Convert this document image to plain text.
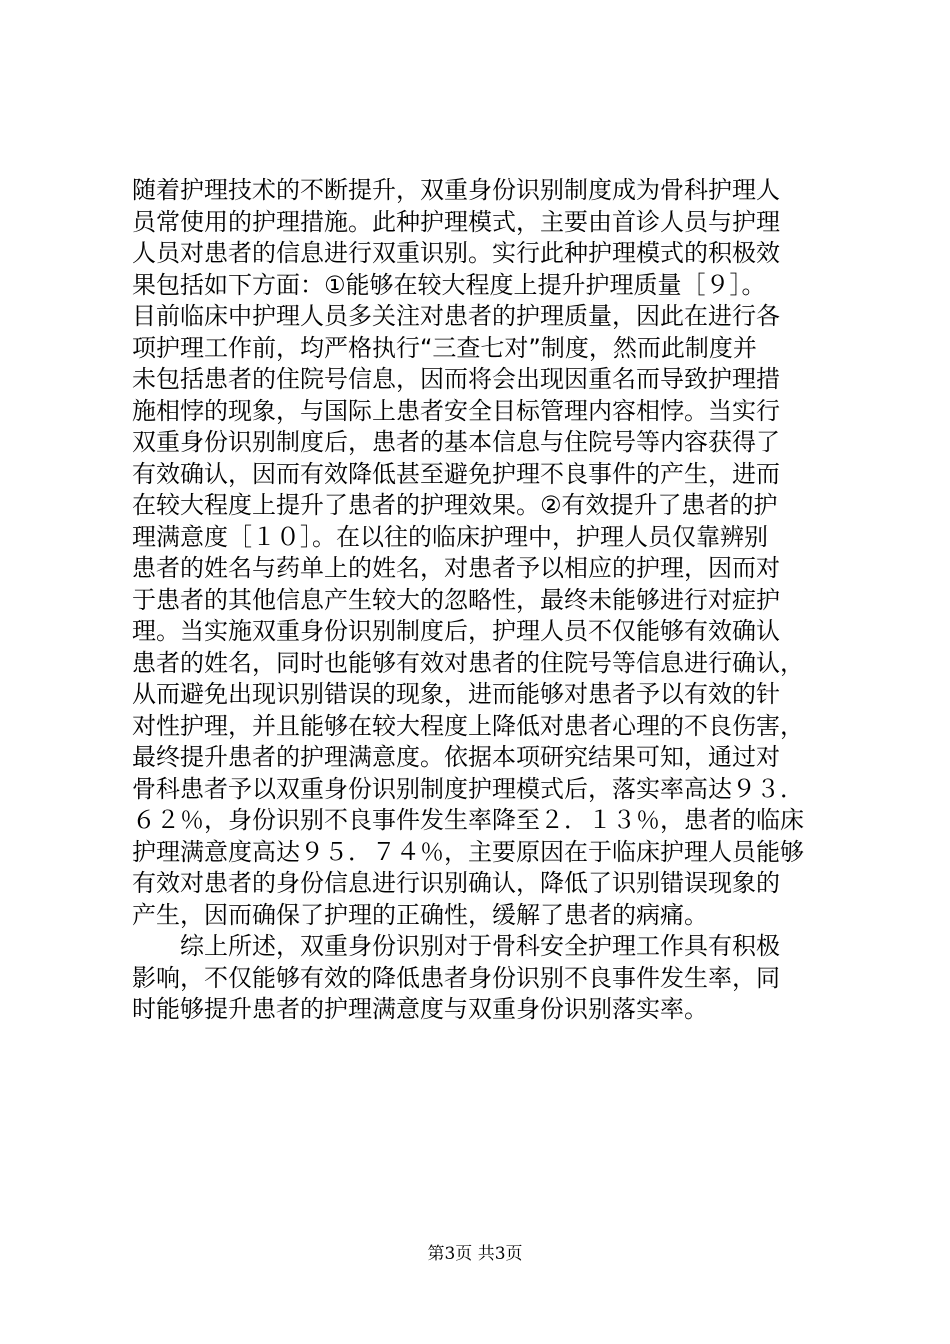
随着护理技术的不断提升，双重身份识别制度成为骨科护理人
员常使用的护理措施。此种护理模式，主要由首诊人员与护理
人员对患者的信息进行双重识别。实行此种护理模式的积极效
果包括如下方面：①能够在较大程度上提升护理质量［９］。
目前临床中护理人员多关注对患者的护理质量，因此在进行各
项护理工作前，均严格执行“三查七对”制度，然而此制度并
未包括患者的住院号信息，因而将会出现因重名而导致护理措
施相悖的现象，与国际上患者安全目标管理内容相悖。当实行
双重身份识别制度后，患者的基本信息与住院号等内容获得了
有效确认，因而有效降低甚至避免护理不良事件的产生，进而
在较大程度上提升了患者的护理效果。②有效提升了患者的护
理满意度［１０］。在以往的临床护理中，护理人员仅靠辨别
患者的姓名与药单上的姓名，对患者予以相应的护理，因而对
于患者的其他信息产生较大的忽略性，最终未能够进行对症护
理。当实施双重身份识别制度后，护理人员不仅能够有效确认
患者的姓名，同时也能够有效对患者的住院号等信息进行确认，
从而避免出现识别错误的现象，进而能够对患者予以有效的针
对性护理，并且能够在较大程度上降低对患者心理的不良伤害，
最终提升患者的护理满意度。依据本项研究结果可知，通过对
骨科患者予以双重身份识别制度护理模式后，落实率高达９３．
６２％，身份识别不良事件发生率降至２．１３％，患者的临床
护理满意度高达９５．７４％，主要原因在于临床护理人员能够
有效对患者的身份信息进行识别确认，降低了识别错误现象的
产生，因而确保了护理的正确性，缓解了患者的病痛。
综上所述，双重身份识别对于骨科安全护理工作具有积极
影响，不仅能够有效的降低患者身份识别不良事件发生率，同
时能够提升患者的护理满意度与双重身份识别落实率。
第3页 共3页
